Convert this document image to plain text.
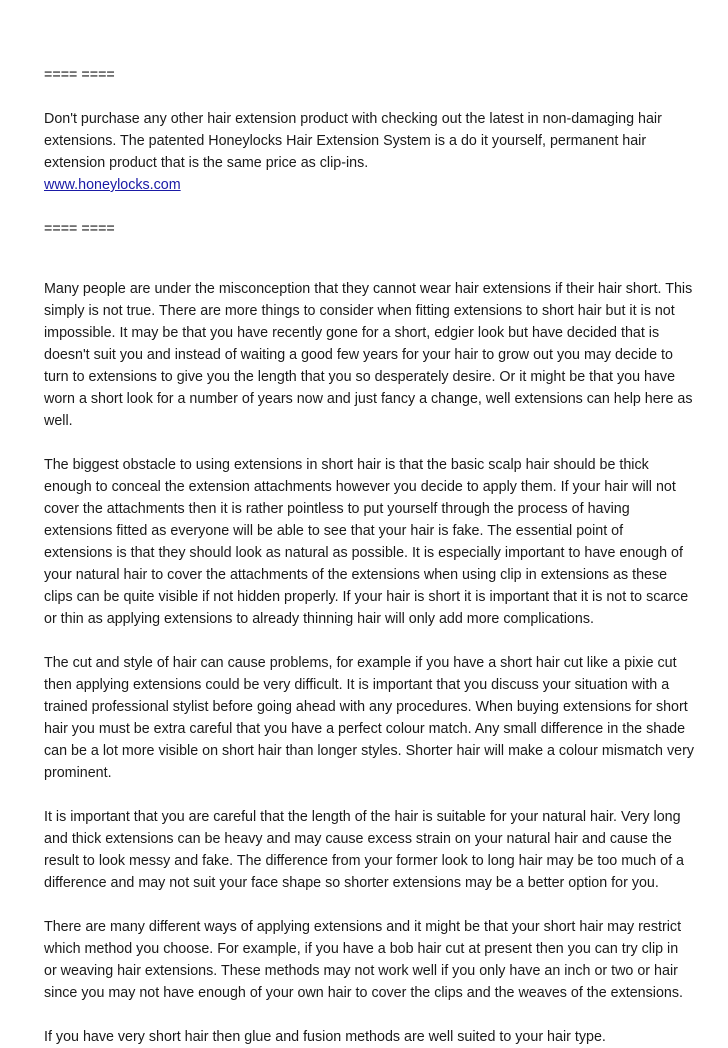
==== ====

Don't purchase any other hair extension product with checking out the latest in non-damaging hair extensions. The patented Honeylocks Hair Extension System is a do it yourself, permanent hair extension product that is the same price as clip-ins.

www.honeylocks.com

==== ====

Many people are under the misconception that they cannot wear hair extensions if their hair short. This simply is not true. There are more things to consider when fitting extensions to short hair but it is not impossible. It may be that you have recently gone for a short, edgier look but have decided that is doesn't suit you and instead of waiting a good few years for your hair to grow out you may decide to turn to extensions to give you the length that you so desperately desire. Or it might be that you have worn a short look for a number of years now and just fancy a change, well extensions can help here as well.

The biggest obstacle to using extensions in short hair is that the basic scalp hair should be thick enough to conceal the extension attachments however you decide to apply them. If your hair will not cover the attachments then it is rather pointless to put yourself through the process of having extensions fitted as everyone will be able to see that your hair is fake. The essential point of extensions is that they should look as natural as possible. It is especially important to have enough of your natural hair to cover the attachments of the extensions when using clip in extensions as these clips can be quite visible if not hidden properly. If your hair is short it is important that it is not to scarce or thin as applying extensions to already thinning hair will only add more complications.

The cut and style of hair can cause problems, for example if you have a short hair cut like a pixie cut then applying extensions could be very difficult. It is important that you discuss your situation with a trained professional stylist before going ahead with any procedures. When buying extensions for short hair you must be extra careful that you have a perfect colour match. Any small difference in the shade can be a lot more visible on short hair than longer styles. Shorter hair will make a colour mismatch very prominent.

It is important that you are careful that the length of the hair is suitable for your natural hair. Very long and thick extensions can be heavy and may cause excess strain on your natural hair and cause the result to look messy and fake. The difference from your former look to long hair may be too much of a difference and may not suit your face shape so shorter extensions may be a better option for you.

There are many different ways of applying extensions and it might be that your short hair may restrict which method you choose. For example, if you have a bob hair cut at present then you can try clip in or weaving hair extensions. These methods may not work well if you only have an inch or two or hair since you may not have enough of your own hair to cover the clips and the weaves of the extensions.

If you have very short hair then glue and fusion methods are well suited to your hair type.
